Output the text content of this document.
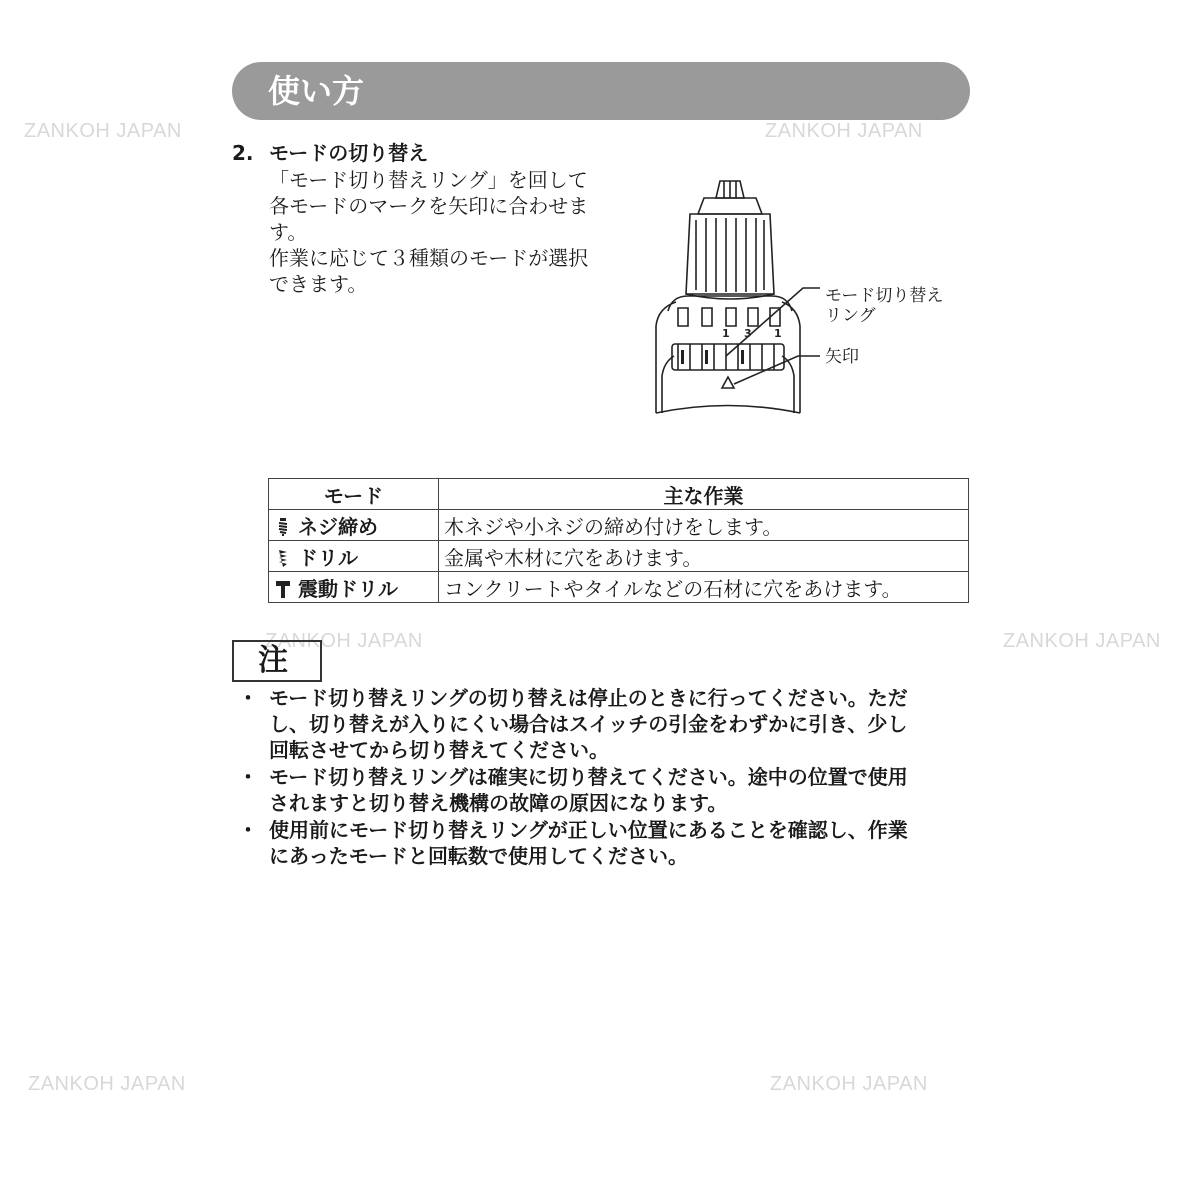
ZANKOH JAPAN	ZANKOH JAPAN
ZANKOH JAPAN	ZANKOH JAPAN
ZANKOH JAPAN	ZANKOH JAPAN
使い方
2. モードの切り替え
「モード切り替えリング」を回して
各モードのマークを矢印に合わせま
す。
作業に応じて３種類のモードが選択
できます。
1 3 1
モード切り替え
リング
矢印
モード	主な作業
ネジ締め	木ネジや小ネジの締め付けをします。
ドリル	金属や木材に穴をあけます。
震動ドリル	コンクリートやタイルなどの石材に穴をあけます。
注
・ モード切り替えリングの切り替えは停止のときに行ってください。ただ
し、切り替えが入りにくい場合はスイッチの引金をわずかに引き、少し
回転させてから切り替えてください。
・ モード切り替えリングは確実に切り替えてください。途中の位置で使用
されますと切り替え機構の故障の原因になります。
・ 使用前にモード切り替えリングが正しい位置にあることを確認し、作業
にあったモードと回転数で使用してください。
